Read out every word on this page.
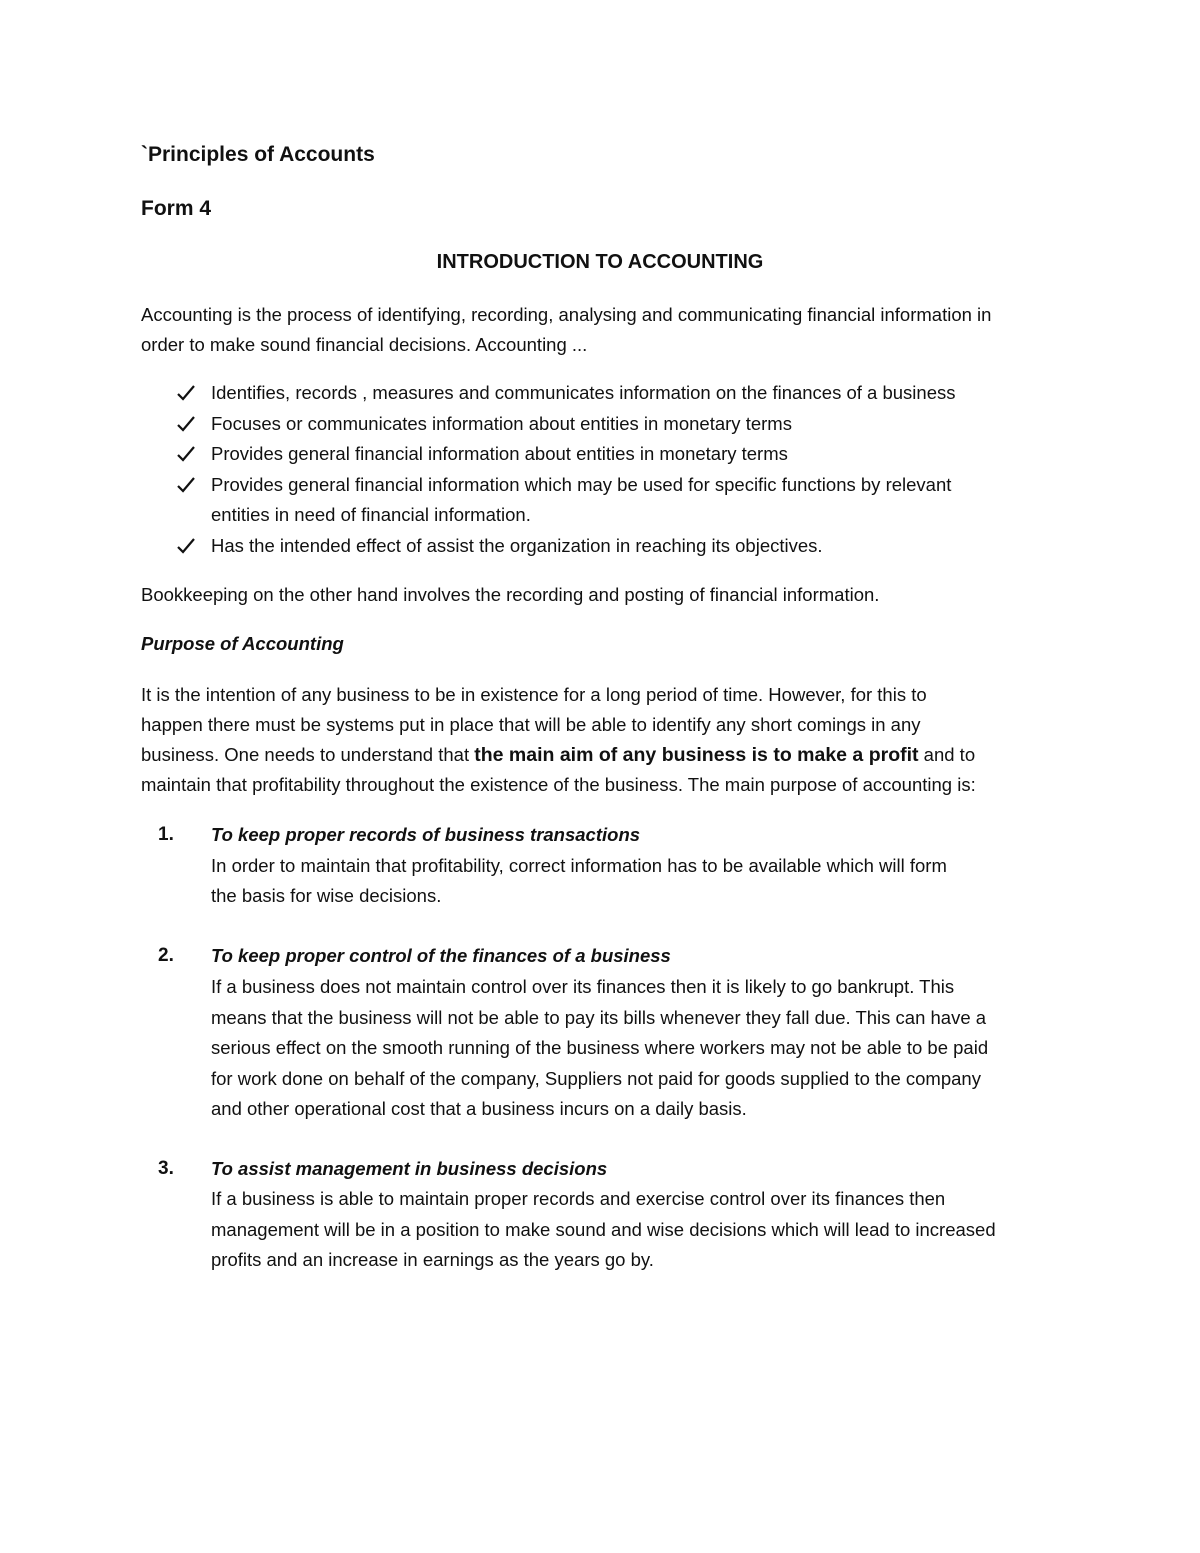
`Principles of Accounts
Form 4
INTRODUCTION TO ACCOUNTING
Accounting is the process of identifying, recording, analysing and communicating financial information in
order to make sound financial decisions. Accounting ...
Identifies, records , measures and communicates information on the finances of a business
Focuses or communicates information about entities in monetary terms
Provides general financial information about entities in monetary terms
Provides general financial information which may be used for specific functions by relevant
entities in need of financial information.
Has the intended effect of assist the organization in reaching its objectives.
Bookkeeping on the other hand involves the recording and posting of financial information.
Purpose of Accounting
It is the intention of any business to be in existence for a long period of time. However, for this to
happen there must be systems put in place that will be able to identify any short comings in any
business. One needs to understand that the main aim of any business is to make a profit and to
maintain that profitability throughout the existence of the business. The main purpose of accounting is:
1. To keep proper records of business transactions
In order to maintain that profitability, correct information has to be available which will form
the basis for wise decisions.
2. To keep proper control of the finances of a business
If a business does not maintain control over its finances then it is likely to go bankrupt. This
means that the business will not be able to pay its bills whenever they fall due. This can have a
serious effect on the smooth running of the business where workers may not be able to be paid
for work done on behalf of the company, Suppliers not paid for goods supplied to the company
and other operational cost that a business incurs on a daily basis.
3. To assist management in business decisions
If a business is able to maintain proper records and exercise control over its finances then
management will be in a position to make sound and wise decisions which will lead to increased
profits and an increase in earnings as the years go by.
